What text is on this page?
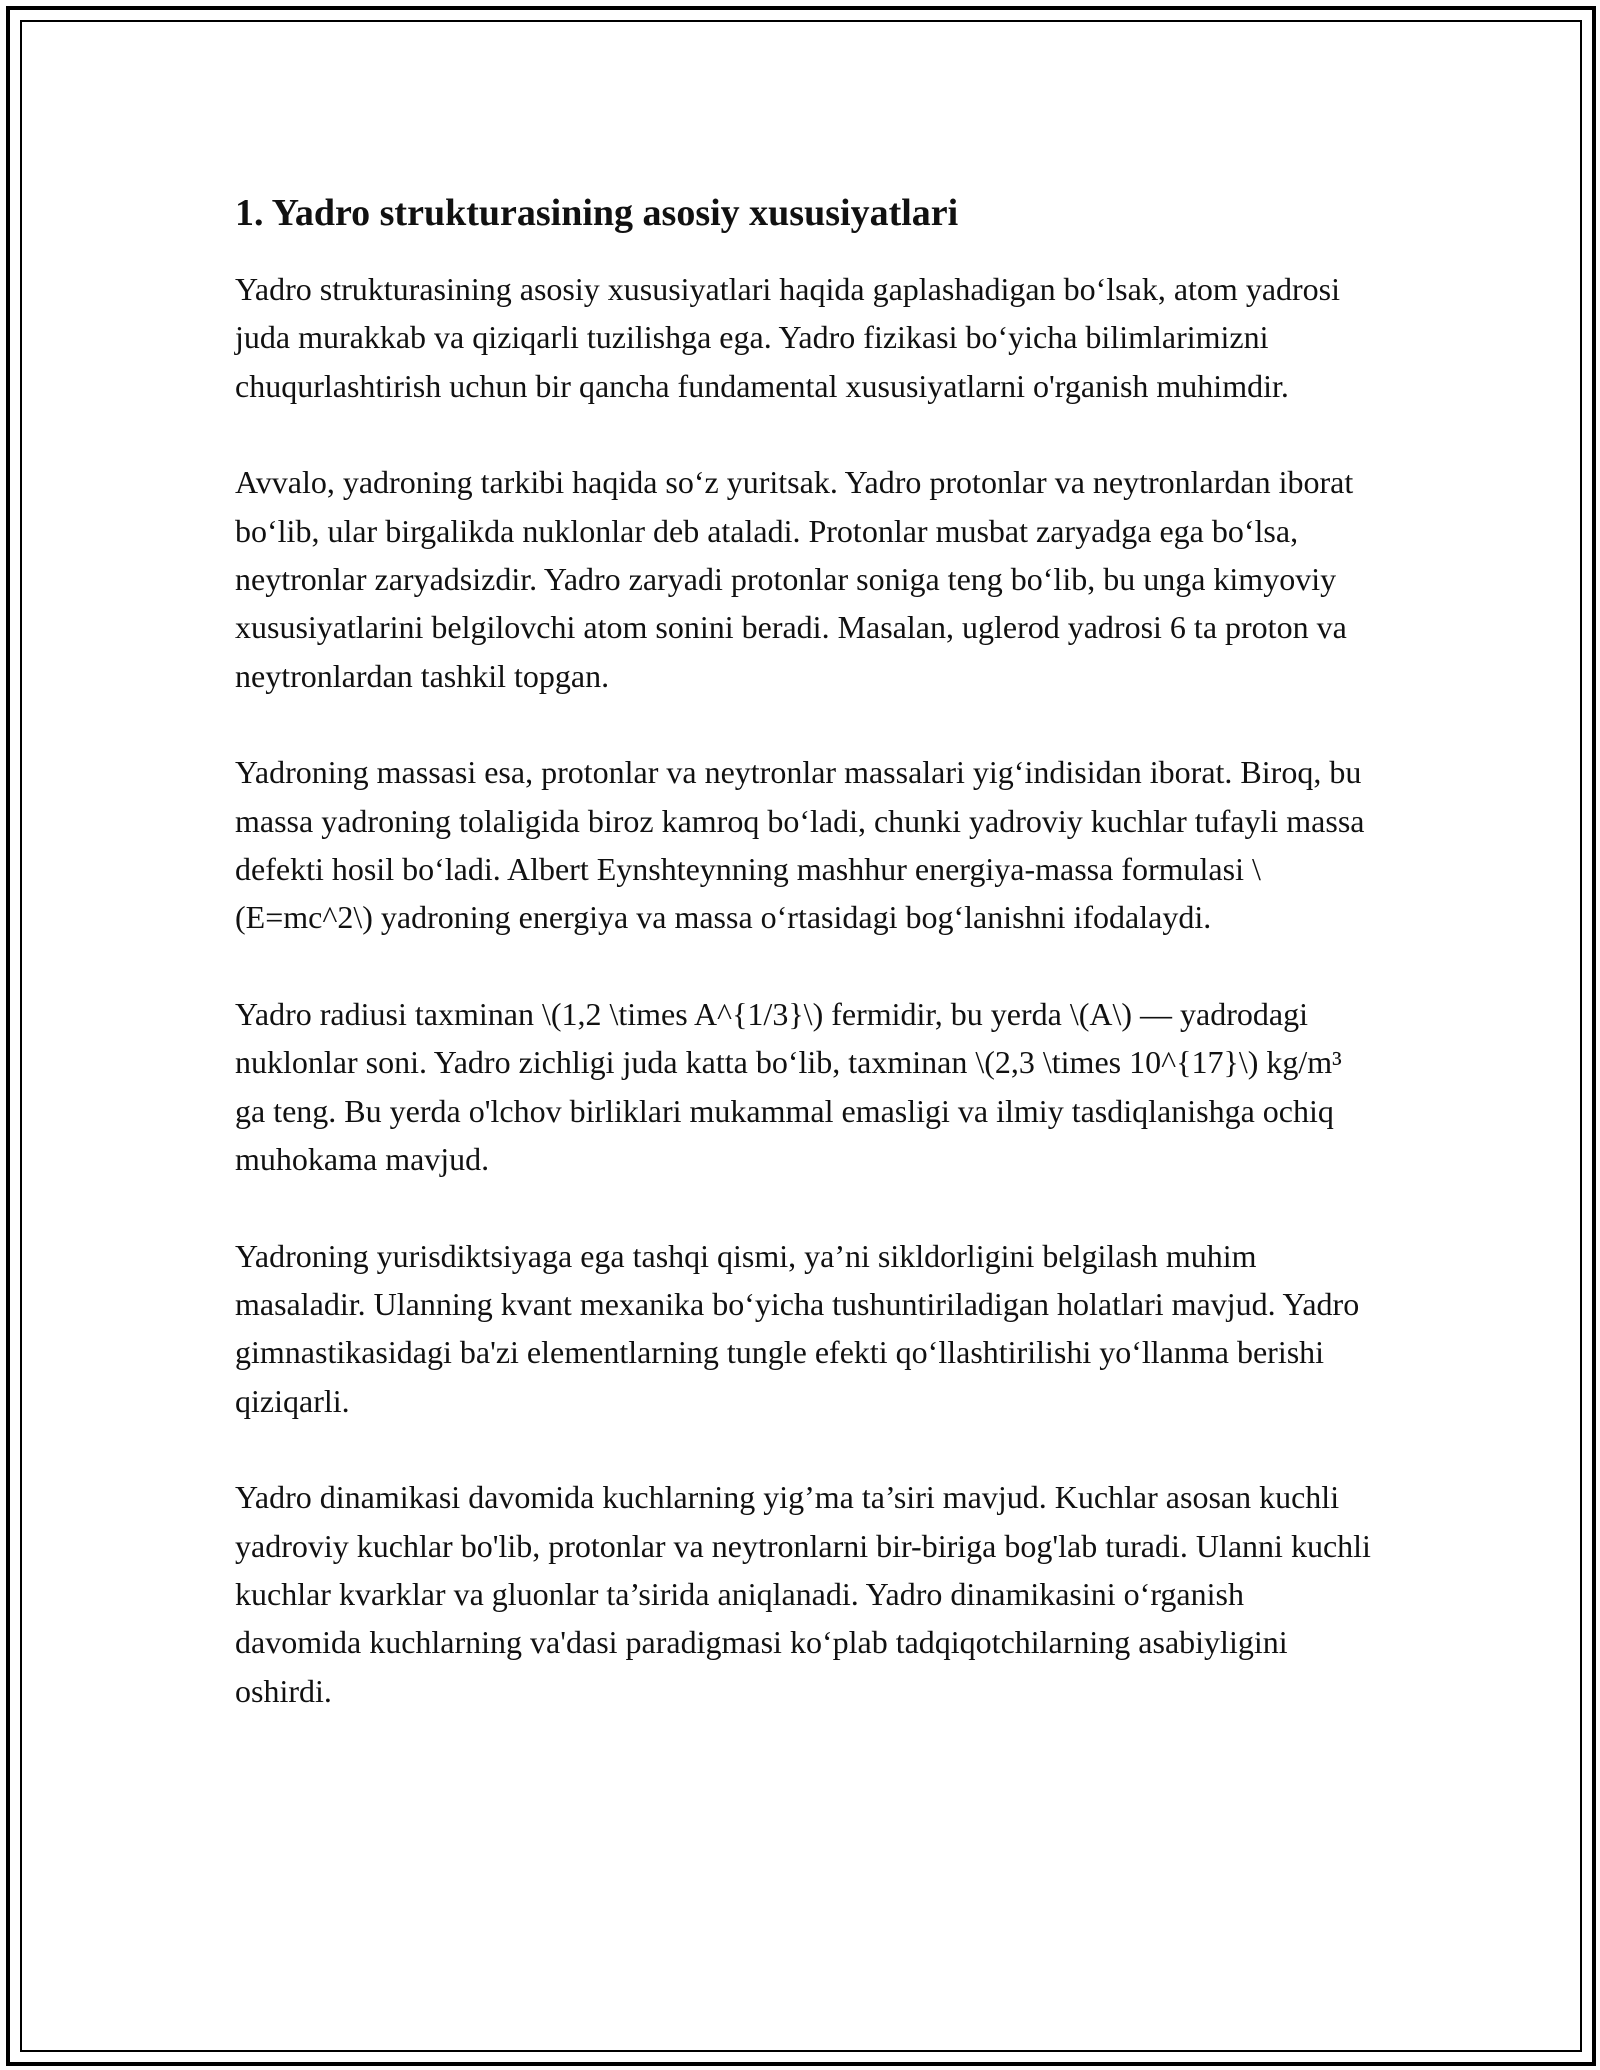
1. Yadro strukturasining asosiy xususiyatlari

Yadro strukturasining asosiy xususiyatlari haqida gaplashadigan bo‘lsak, atom yadrosi juda murakkab va qiziqarli tuzilishga ega. Yadro fizikasi bo‘yicha bilimlarimizni chuqurlashtirish uchun bir qancha fundamental xususiyatlarni o'rganish muhimdir.

Avvalo, yadroning tarkibi haqida so‘z yuritsak. Yadro protonlar va neytronlardan iborat bo‘lib, ular birgalikda nuklonlar deb ataladi. Protonlar musbat zaryadga ega bo‘lsa, neytronlar zaryadsizdir. Yadro zaryadi protonlar soniga teng bo‘lib, bu unga kimyoviy xususiyatlarini belgilovchi atom sonini beradi. Masalan, uglerod yadrosi 6 ta proton va neytronlardan tashkil topgan.

Yadroning massasi esa, protonlar va neytronlar massalari yig‘indisidan iborat. Biroq, bu massa yadroning tolaligida biroz kamroq bo‘ladi, chunki yadroviy kuchlar tufayli massa defekti hosil bo‘ladi. Albert Eynshteynning mashhur energiya-massa formulasi \(E=mc^2\) yadroning energiya va massa o‘rtasidagi bog‘lanishni ifodalaydi.

Yadro radiusi taxminan \(1,2 \times A^{1/3}\) fermidir, bu yerda \(A\) — yadrodagi nuklonlar soni. Yadro zichligi juda katta bo‘lib, taxminan \(2,3 \times 10^{17}\) kg/m³ ga teng. Bu yerda o'lchov birliklari mukammal emasligi va ilmiy tasdiqlanishga ochiq muhokama mavjud.

Yadroning yurisdiktsiyaga ega tashqi qismi, ya’ni sikldorligini belgilash muhim masaladir. Ulanning kvant mexanika bo‘yicha tushuntiriladigan holatlari mavjud. Yadro gimnastikasidagi ba'zi elementlarning tungle efekti qo‘llashtirilishi yo‘llanma berishi qiziqarli.

Yadro dinamikasi davomida kuchlarning yig’ma ta’siri mavjud. Kuchlar asosan kuchli yadroviy kuchlar bo'lib, protonlar va neytronlarni bir-biriga bog'lab turadi. Ulanni kuchli kuchlar kvarklar va gluonlar ta’sirida aniqlanadi. Yadro dinamikasini o‘rganish davomida kuchlarning va'dasi paradigmasi ko‘plab tadqiqotchilarning asabiyligini oshirdi.
